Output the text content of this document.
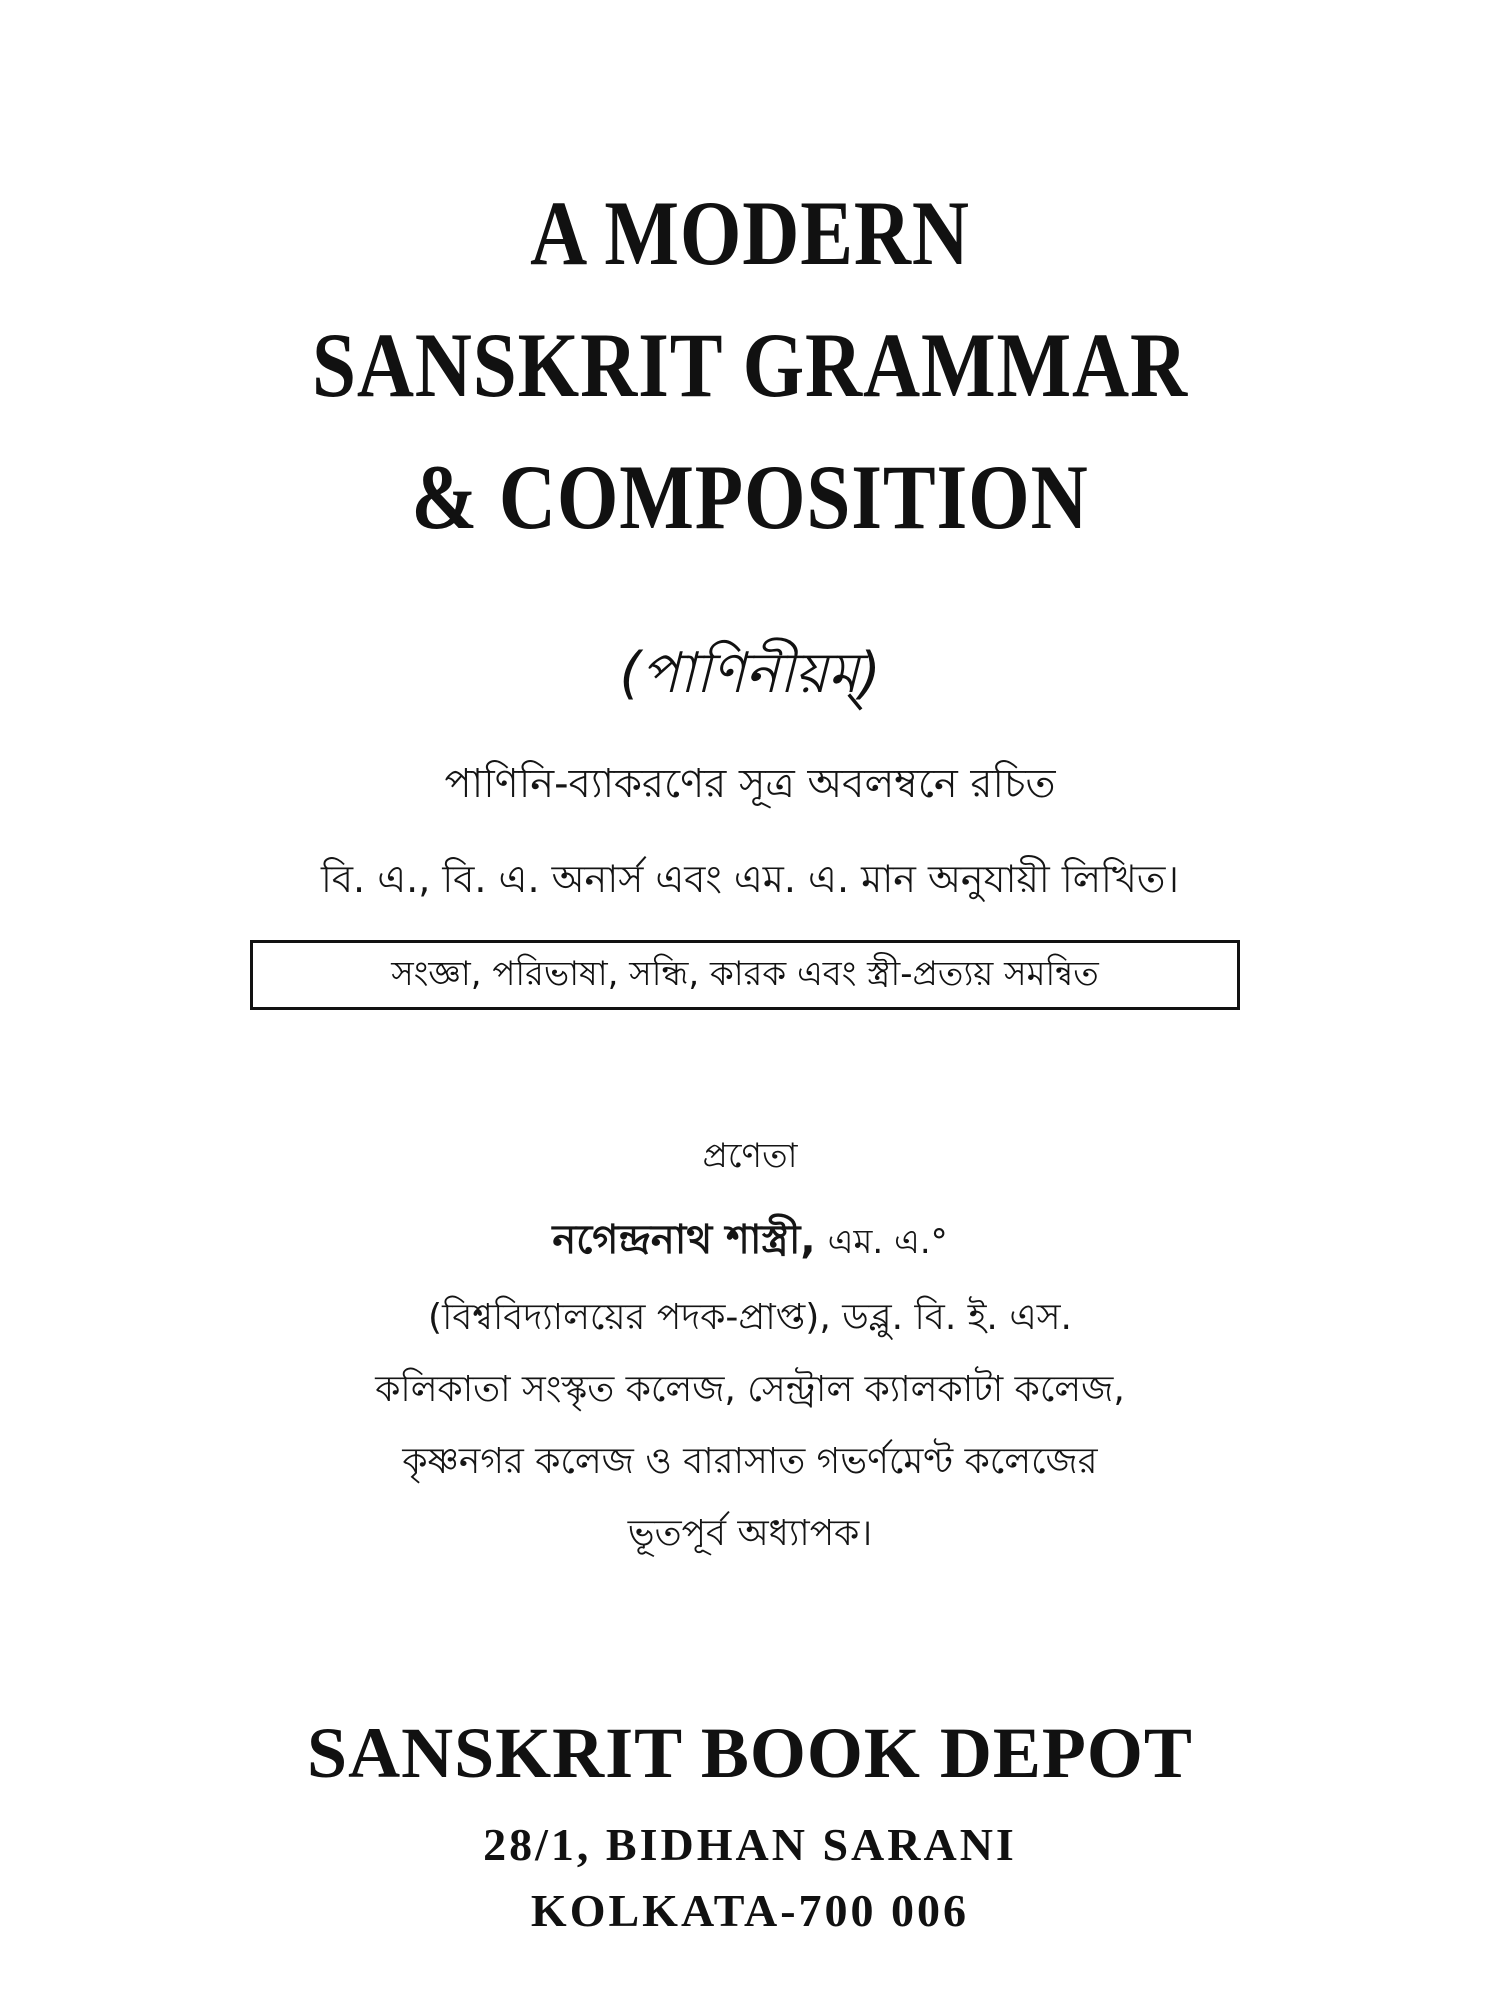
A MODERN
SANSKRIT GRAMMAR
& COMPOSITION
(পাণিনীয়ম্‌)
পাণিনি-ব্যাকরণের সূত্র অবলম্বনে রচিত
বি. এ., বি. এ. অনার্স এবং এম. এ. মান অনুযায়ী লিখিত।
সংজ্ঞা, পরিভাষা, সন্ধি, কারক এবং স্ত্রী-প্রত্যয় সমন্বিত
প্রণেতা
নগেন্দ্রনাথ শাস্ত্রী, এম. এ.°
(বিশ্ববিদ্যালয়ের পদক-প্রাপ্ত), ডব্লু. বি. ই. এস.
কলিকাতা সংস্কৃত কলেজ, সেন্ট্রাল ক্যালকাটা কলেজ,
কৃষ্ণনগর কলেজ ও বারাসাত গভর্ণমেণ্ট কলেজের
ভূতপূর্ব অধ্যাপক।
SANSKRIT BOOK DEPOT
28/1, BIDHAN SARANI
KOLKATA-700 006
